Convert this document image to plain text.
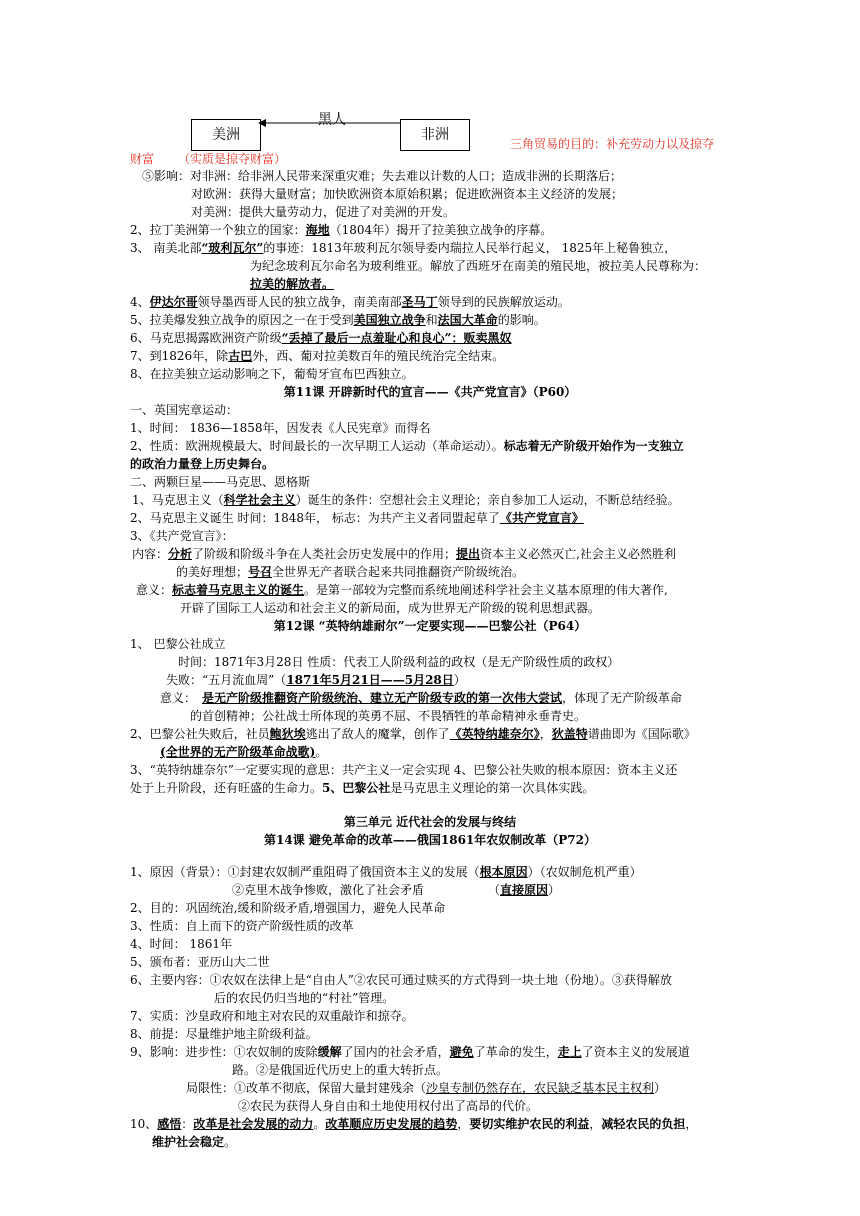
美洲	非洲
黑人
三角贸易的目的：补充劳动力以及掠夺
财富 （实质是掠夺财富）
⑤影响：对非洲：给非洲人民带来深重灾难；失去难以计数的人口；造成非洲的长期落后；
对欧洲：获得大量财富；加快欧洲资本原始积累；促进欧洲资本主义经济的发展；
对美洲：提供大量劳动力，促进了对美洲的开发。
2、拉丁美洲第一个独立的国家：海地（1804年）揭开了拉美独立战争的序幕。
3、 南美北部“玻利瓦尔”的事迹：1813年玻利瓦尔领导委内瑞拉人民举行起义， 1825年上秘鲁独立，
为纪念玻利瓦尔命名为玻利维亚。解放了西班牙在南美的殖民地，被拉美人民尊称为：
拉美的解放者。
4、伊达尔哥领导墨西哥人民的独立战争，南美南部圣马丁领导到的民族解放运动。
5、拉美爆发独立战争的原因之一在于受到美国独立战争和法国大革命的影响。
6、马克思揭露欧洲资产阶级“丢掉了最后一点羞耻心和良心”：贩卖黑奴
7、到1826年，除古巴外，西、葡对拉美数百年的殖民统治完全结束。
8、在拉美独立运动影响之下，葡萄牙宣布巴西独立。
第11课 开辟新时代的宣言——《共产党宣言》（P60）
一、英国宪章运动：
1、时间： 1836—1858年，因发表《人民宪章》而得名
2、性质：欧洲规模最大、时间最长的一次早期工人运动（革命运动）。标志着无产阶级开始作为一支独立
的政治力量登上历史舞台。
二、两颗巨星——马克思、恩格斯
1、马克思主义（科学社会主义）诞生的条件：空想社会主义理论；亲自参加工人运动，不断总结经验。
2、马克思主义诞生 时间：1848年， 标志：为共产主义者同盟起草了《共产党宣言》
3、《共产党宣言》：
内容：分析了阶级和阶级斗争在人类社会历史发展中的作用；提出资本主义必然灭亡,社会主义必然胜利
的美好理想；号召全世界无产者联合起来共同推翻资产阶级统治。
意义：标志着马克思主义的诞生。是第一部较为完整而系统地阐述科学社会主义基本原理的伟大著作,
开辟了国际工人运动和社会主义的新局面，成为世界无产阶级的锐利思想武器。
第12课 “英特纳雄耐尔”一定要实现——巴黎公社（P64）
1、 巴黎公社成立
时间：1871年3月28日 性质：代表工人阶级利益的政权（是无产阶级性质的政权）
失败：“五月流血周”（1871年5月21日——5月28日）
意义： 是无产阶级推翻资产阶级统治、建立无产阶级专政的第一次伟大尝试，体现了无产阶级革命
的首创精神；公社战士所体现的英勇不屈、不畏牺牲的革命精神永垂青史。
2、巴黎公社失败后，社员鲍狄埃逃出了敌人的魔掌，创作了《英特纳雄奈尔》，狄盖特谱曲即为《国际歌》
(全世界的无产阶级革命战歌)。
3、“英特纳雄奈尔”一定要实现的意思：共产主义一定会实现 4、巴黎公社失败的根本原因：资本主义还
处于上升阶段，还有旺盛的生命力。5、巴黎公社是马克思主义理论的第一次具体实践。
第三单元 近代社会的发展与终结
第14课 避免革命的改革——俄国1861年农奴制改革（P72）
1、原因（背景）：①封建农奴制严重阻碍了俄国资本主义的发展（根本原因）（农奴制危机严重）
②克里木战争惨败，激化了社会矛盾	（直接原因）
2、目的：巩固统治,缓和阶级矛盾,增强国力，避免人民革命
3、性质：自上而下的资产阶级性质的改革
4、时间： 1861年
5、颁布者：亚历山大二世
6、主要内容：①农奴在法律上是“自由人”②农民可通过赎买的方式得到一块土地（份地）。③获得解放
后的农民仍归当地的“村社”管理。
7、实质：沙皇政府和地主对农民的双重敲诈和掠夺。
8、前提：尽量维护地主阶级利益。
9、影响：进步性：①农奴制的废除缓解了国内的社会矛盾，避免了革命的发生，走上了资本主义的发展道
路。②是俄国近代历史上的重大转折点。
局限性：①改革不彻底，保留大量封建残余（沙皇专制仍然存在，农民缺乏基本民主权利）
②农民为获得人身自由和土地使用权付出了高昂的代价。
10、感悟：改革是社会发展的动力。改革顺应历史发展的趋势，要切实维护农民的利益，减轻农民的负担，
维护社会稳定。
